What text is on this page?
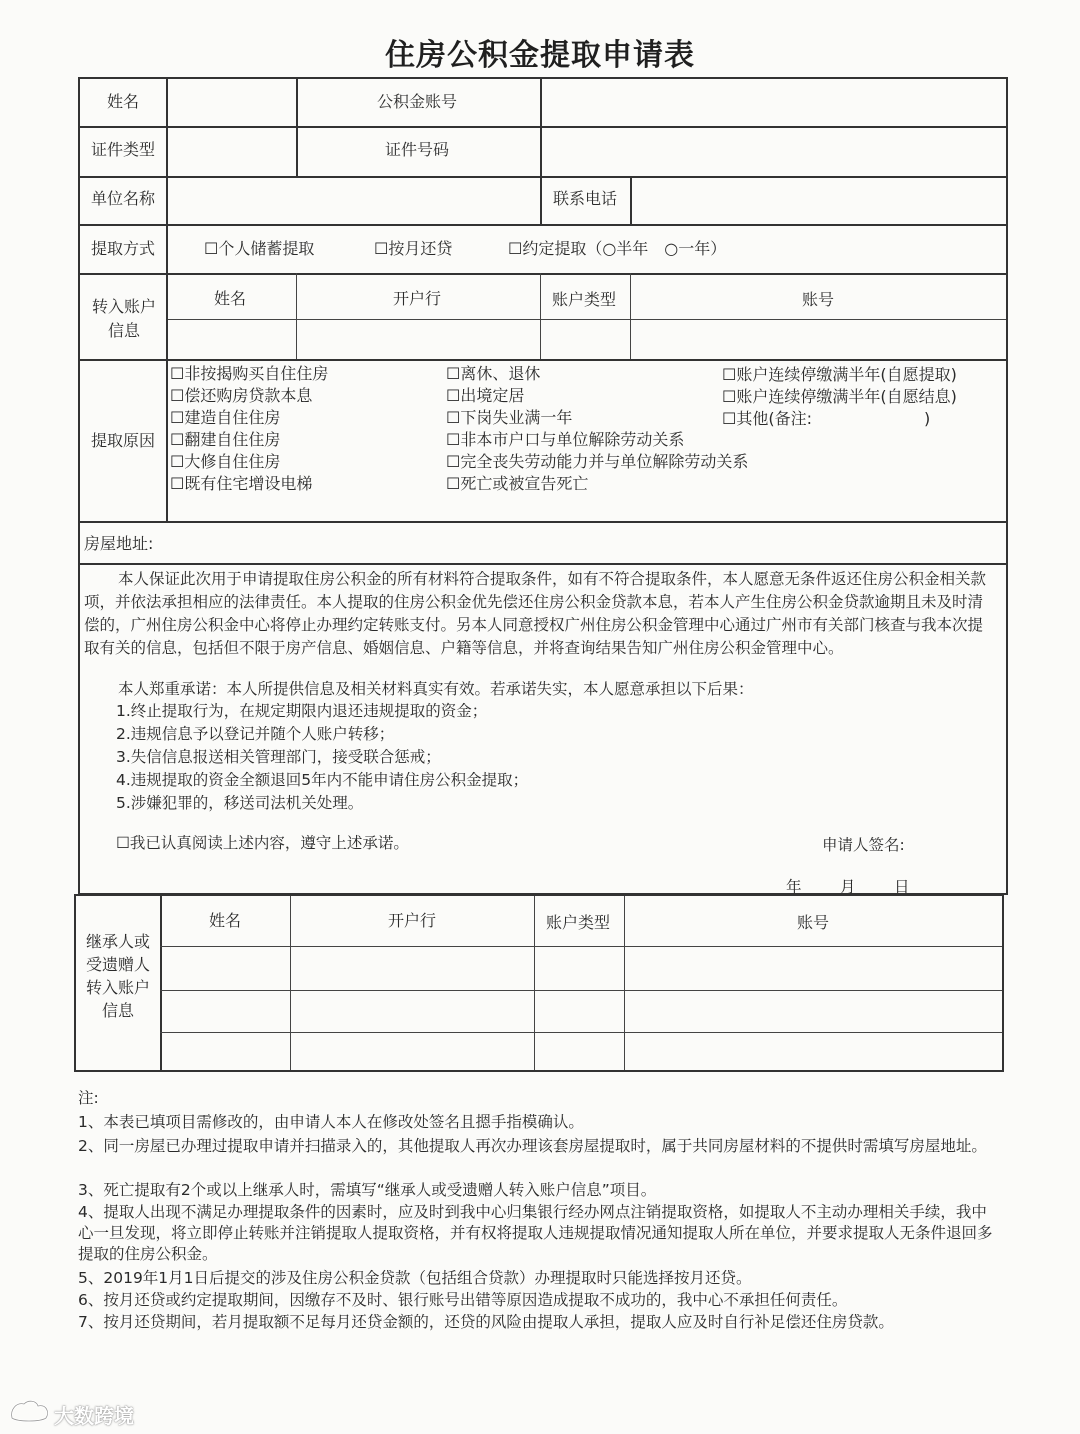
住房公积金提取申请表
姓名	公积金账号
证件类型	证件号码
单位名称	联系电话
提取方式	☐个人储蓄提取	☐按月还贷	☐约定提取（○半年　○一年）
转入账户信息
姓名	开户行	账户类型	账号
提取原因
☐非按揭购买自住住房
☐偿还购房贷款本息
☐建造自住住房
☐翻建自住住房
☐大修自住住房
☐既有住宅增设电梯
☐离休、退休
☐出境定居
☐下岗失业满一年
☐非本市户口与单位解除劳动关系
☐完全丧失劳动能力并与单位解除劳动关系
☐死亡或被宣告死亡
☐账户连续停缴满半年(自愿提取)
☐账户连续停缴满半年(自愿结息)
☐其他(备注:　　　　　　　)
房屋地址:
本人保证此次用于申请提取住房公积金的所有材料符合提取条件，如有不符合提取条件，本人愿意无条件返还住房公积金相关款项，并依法承担相应的法律责任。本人提取的住房公积金优先偿还住房公积金贷款本息，若本人产生住房公积金贷款逾期且未及时清偿的，广州住房公积金中心将停止办理约定转账支付。另本人同意授权广州住房公积金管理中心通过广州市有关部门核查与我本次提取有关的信息，包括但不限于房产信息、婚姻信息、户籍等信息，并将查询结果告知广州住房公积金管理中心。
本人郑重承诺：本人所提供信息及相关材料真实有效。若承诺失实，本人愿意承担以下后果：
1.终止提取行为，在规定期限内退还违规提取的资金；
2.违规信息予以登记并随个人账户转移；
3.失信信息报送相关管理部门，接受联合惩戒；
4.违规提取的资金全额退回5年内不能申请住房公积金提取；
5.涉嫌犯罪的，移送司法机关处理。
☐我已认真阅读上述内容，遵守上述承诺。	申请人签名:
年 月 日
继承人或受遗赠人转入账户信息
姓名	开户行	账户类型	账号
注:
1、本表已填项目需修改的，由申请人本人在修改处签名且摁手指模确认。
2、同一房屋已办理过提取申请并扫描录入的，其他提取人再次办理该套房屋提取时，属于共同房屋材料的不提供时需填写房屋地址。
3、死亡提取有2个或以上继承人时，需填写“继承人或受遗赠人转入账户信息”项目。
4、提取人出现不满足办理提取条件的因素时，应及时到我中心归集银行经办网点注销提取资格，如提取人不主动办理相关手续，我中心一旦发现，将立即停止转账并注销提取人提取资格，并有权将提取人违规提取情况通知提取人所在单位，并要求提取人无条件退回多提取的住房公积金。
5、2019年1月1日后提交的涉及住房公积金贷款（包括组合贷款）办理提取时只能选择按月还贷。
6、按月还贷或约定提取期间，因缴存不及时、银行账号出错等原因造成提取不成功的，我中心不承担任何责任。
7、按月还贷期间，若月提取额不足每月还贷金额的，还贷的风险由提取人承担，提取人应及时自行补足偿还住房贷款。
大数跨境
